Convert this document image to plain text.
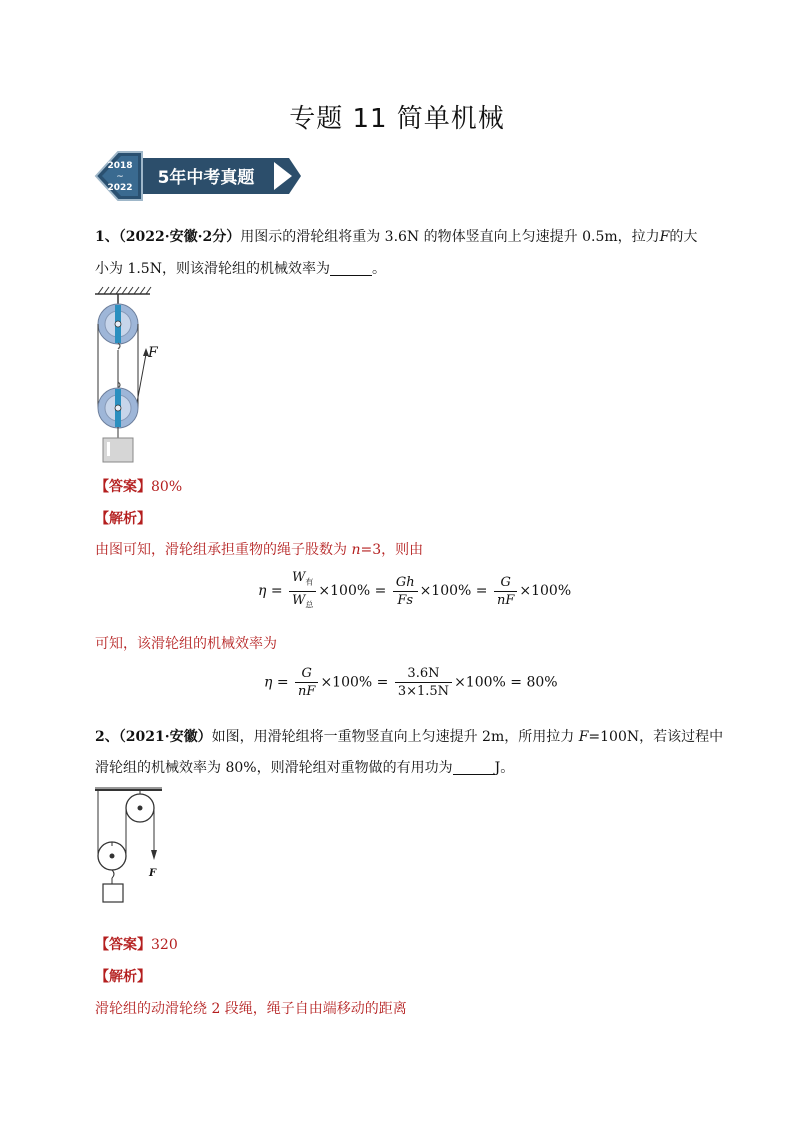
专题 11 简单机械
2018
~
2022 5年中考真题
1、（2022·安徽·2分）用图示的滑轮组将重为 3.6N 的物体竖直向上匀速提升 0.5m，拉力F的大
小为 1.5N，则该滑轮组的机械效率为	。
F
【答案】80%
【解析】
由图可知，滑轮组承担重物的绳子股数为 n=3，则由
$\eta = \frac{W_有}{W_总} \times 100\% = \frac{Gh}{Fs} \times 100\% = \frac{G}{nF} \times 100\%$
可知，该滑轮组的机械效率为
$\eta = \frac{G}{nF} \times 100\% = \frac{3.6N}{3\times 1.5N} \times 100\% = 80\%$
2、（2021·安徽）如图，用滑轮组将一重物竖直向上匀速提升 2m，所用拉力 F=100N，若该过程中
滑轮组的机械效率为 80%，则滑轮组对重物做的有用功为	J。
F
【答案】320
【解析】
滑轮组的动滑轮绕 2 段绳，绳子自由端移动的距离
